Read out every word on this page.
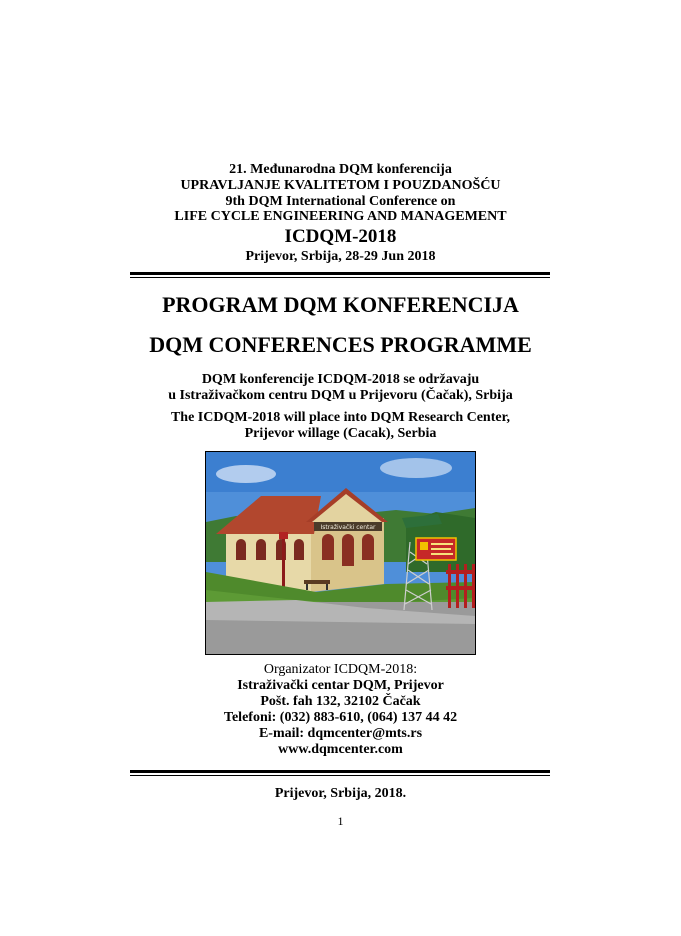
21. Međunarodna DQM konferencija
UPRAVLJANJE KVALITETOM I POUZDANOŠĆU
9th DQM International Conference on
LIFE CYCLE ENGINEERING AND MANAGEMENT
ICDQM-2018
Prijevor, Srbija, 28-29 Jun 2018
PROGRAM DQM KONFERENCIJA
DQM CONFERENCES PROGRAMME
DQM konferencije ICDQM-2018 se održavaju
u Istraživačkom centru DQM u Prijevoru (Čačak), Srbija
The ICDQM-2018 will place into DQM Research Center,
Prijevor willage (Cacak), Serbia
Istraživački centar
Organizator ICDQM-2018:
Istraživački centar DQM, Prijevor
Pošt. fah 132, 32102 Čačak
Telefoni: (032) 883-610, (064) 137 44 42
E-mail: dqmcenter@mts.rs
www.dqmcenter.com
Prijevor, Srbija, 2018.
1
